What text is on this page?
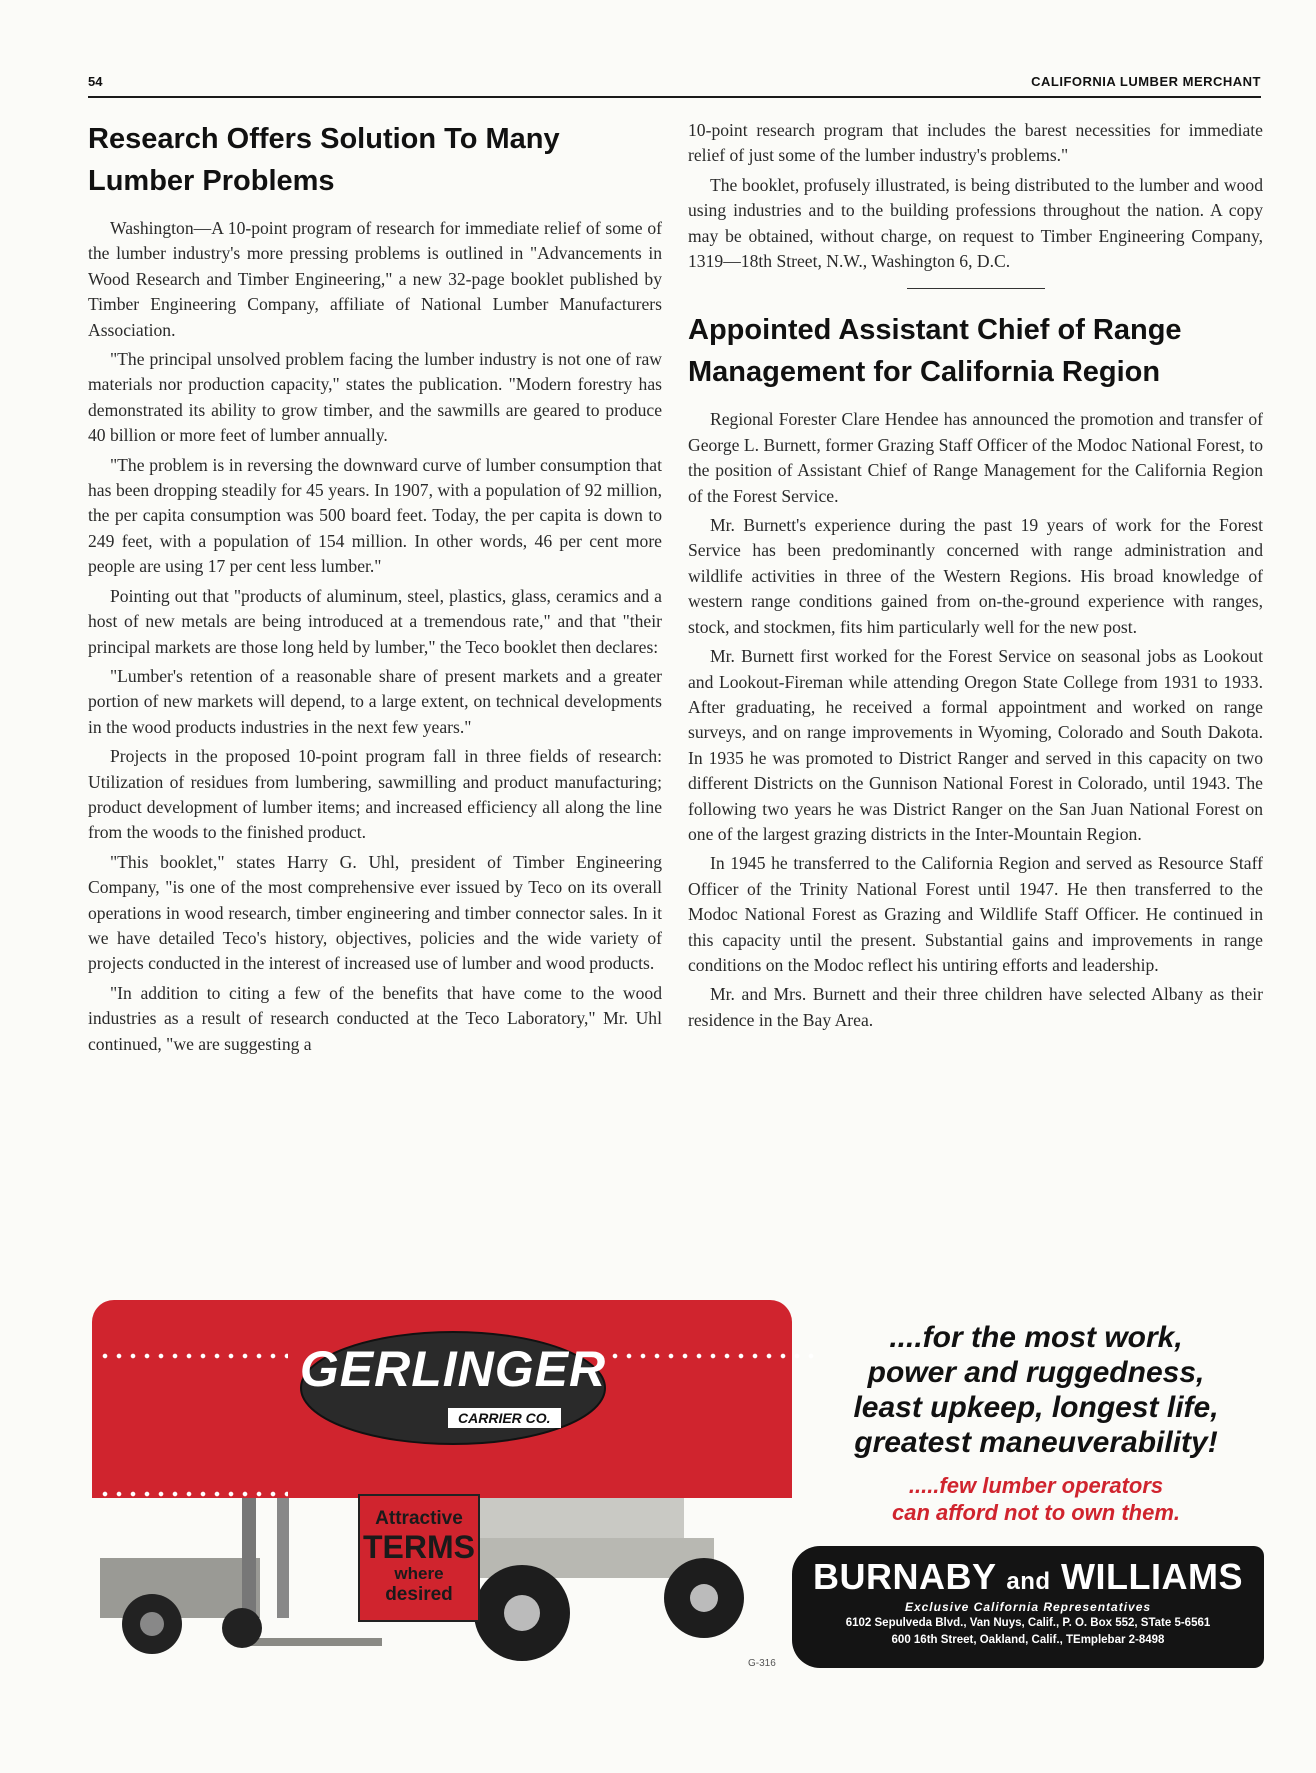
54	CALIFORNIA LUMBER MERCHANT
Research Offers Solution To Many Lumber Problems

Washington—A 10-point program of research for immediate relief of some of the lumber industry's more pressing problems is outlined in "Advancements in Wood Research and Timber Engineering," a new 32-page booklet published by Timber Engineering Company, affiliate of National Lumber Manufacturers Association.

"The principal unsolved problem facing the lumber industry is not one of raw materials nor production capacity," states the publication. "Modern forestry has demonstrated its ability to grow timber, and the sawmills are geared to produce 40 billion or more feet of lumber annually.

"The problem is in reversing the downward curve of lumber consumption that has been dropping steadily for 45 years. In 1907, with a population of 92 million, the per capita consumption was 500 board feet. Today, the per capita is down to 249 feet, with a population of 154 million. In other words, 46 per cent more people are using 17 per cent less lumber."

Pointing out that "products of aluminum, steel, plastics, glass, ceramics and a host of new metals are being introduced at a tremendous rate," and that "their principal markets are those long held by lumber," the Teco booklet then declares:

"Lumber's retention of a reasonable share of present markets and a greater portion of new markets will depend, to a large extent, on technical developments in the wood products industries in the next few years."

Projects in the proposed 10-point program fall in three fields of research: Utilization of residues from lumbering, sawmilling and product manufacturing; product development of lumber items; and increased efficiency all along the line from the woods to the finished product.

"This booklet," states Harry G. Uhl, president of Timber Engineering Company, "is one of the most comprehensive ever issued by Teco on its overall operations in wood research, timber engineering and timber connector sales. In it we have detailed Teco's history, objectives, policies and the wide variety of projects conducted in the interest of increased use of lumber and wood products.

"In addition to citing a few of the benefits that have come to the wood industries as a result of research conducted at the Teco Laboratory," Mr. Uhl continued, "we are suggesting a

10-point research program that includes the barest necessities for immediate relief of just some of the lumber industry's problems."

The booklet, profusely illustrated, is being distributed to the lumber and wood using industries and to the building professions throughout the nation. A copy may be obtained, without charge, on request to Timber Engineering Company, 1319—18th Street, N.W., Washington 6, D.C.

Appointed Assistant Chief of Range Management for California Region

Regional Forester Clare Hendee has announced the promotion and transfer of George L. Burnett, former Grazing Staff Officer of the Modoc National Forest, to the position of Assistant Chief of Range Management for the California Region of the Forest Service.

Mr. Burnett's experience during the past 19 years of work for the Forest Service has been predominantly concerned with range administration and wildlife activities in three of the Western Regions. His broad knowledge of western range conditions gained from on-the-ground experience with ranges, stock, and stockmen, fits him particularly well for the new post.

Mr. Burnett first worked for the Forest Service on seasonal jobs as Lookout and Lookout-Fireman while attending Oregon State College from 1931 to 1933. After graduating, he received a formal appointment and worked on range surveys, and on range improvements in Wyoming, Colorado and South Dakota. In 1935 he was promoted to District Ranger and served in this capacity on two different Districts on the Gunnison National Forest in Colorado, until 1943. The following two years he was District Ranger on the San Juan National Forest on one of the largest grazing districts in the Inter-Mountain Region.

In 1945 he transferred to the California Region and served as Resource Staff Officer of the Trinity National Forest until 1947. He then transferred to the Modoc National Forest as Grazing and Wildlife Staff Officer. He continued in this capacity until the present. Substantial gains and improvements in range conditions on the Modoc reflect his untiring efforts and leadership.

Mr. and Mrs. Burnett and their three children have selected Albany as their residence in the Bay Area.

GERLINGER
CARRIER CO.
Attractive
TERMS
where
desired
G-316
....for the most work,
power and ruggedness,
least upkeep, longest life,
greatest maneuverability!
.....few lumber operators
can afford not to own them.
BURNABY and WILLIAMS
Exclusive California Representatives
6102 Sepulveda Blvd., Van Nuys, Calif., P. O. Box 552, STate 5-6561
600 16th Street, Oakland, Calif., TEmplebar 2-8498
